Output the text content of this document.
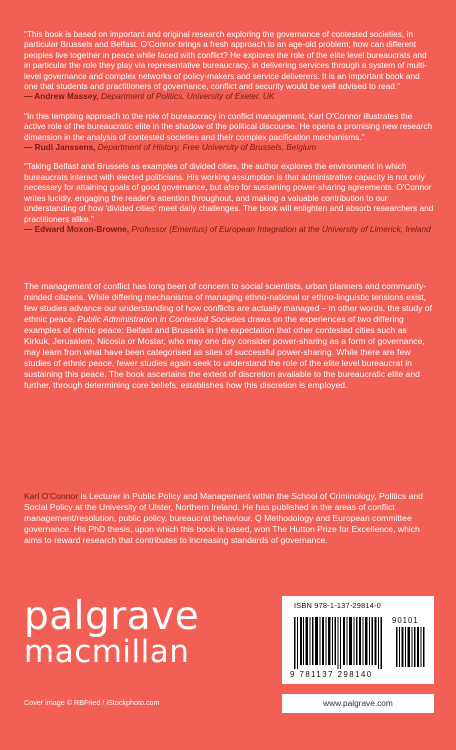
"This book is based on important and original research exploring the governance of contested societies, in particular Brussels and Belfast. O'Connor brings a fresh approach to an age-old problem; how can different peoples live together in peace while faced with conflict? He explores the role of the elite level bureaucrats and in particular the role they play via representative bureaucracy, in delivering services through a system of multi-level governance and complex networks of policy-makers and service deliverers. It is an important book and one that students and practitioners of governance, conflict and security would be well advised to read."

— Andrew Massey, Department of Politics, University of Exeter, UK

"In this tempting approach to the role of bureaucracy in conflict management, Karl O'Connor illustrates the active role of the bureaucratic elite in the shadow of the political discourse. He opens a promising new research dimension in the analysis of contested societies and their complex pacification mechanisms."

— Rudi Janssens, Department of History, Free University of Brussels, Belgium

"Taking Belfast and Brussels as examples of divided cities, the author explores the environment in which bureaucrats interact with elected politicians. His working assumption is that administrative capacity is not only necessary for attaining goals of good governance, but also for sustaining power-sharing agreements. O'Connor writes lucidly, engaging the reader's attention throughout, and making a valuable contribution to our understanding of how 'divided cities' meet daily challenges. The book will enlighten and absorb researchers and practitioners alike."

— Edward Moxon-Browne, Professor (Emeritus) of European Integration at the University of Limerick, Ireland

The management of conflict has long been of concern to social scientists, urban planners and community-minded citizens. While differing mechanisms of managing ethno-national or ethno-linguistic tensions exist, few studies advance our understanding of how conflicts are actually managed – in other words, the study of ethnic peace. Public Administration in Contested Societies draws on the experiences of two differing examples of ethnic peace: Belfast and Brussels in the expectation that other contested cities such as Kirkuk, Jerusalem, Nicosia or Mostar, who may one day consider power-sharing as a form of governance, may learn from what have been categorised as sites of successful power-sharing. While there are few studies of ethnic peace, fewer studies again seek to understand the role of the elite level bureaucrat in sustaining this peace. The book ascertains the extent of discretion available to the bureaucratic elite and further, through determining core beliefs, establishes how this discretion is employed.

Karl O'Connor is Lecturer in Public Policy and Management within the School of Criminology, Politics and Social Policy at the University of Ulster, Northern Ireland. He has published in the areas of conflict management/resolution, public policy, bureaucrat behaviour, Q Methodology and European committee governance. His PhD thesis, upon which this book is based, won The Hutton Prize for Excellence, which aims to reward research that contributes to increasing standards of governance.

palgrave
macmillan
ISBN 978-1-137-29814-0
90101
9 781137 298140
www.palgrave.com
Cover image © RBFried / iStockphoto.com
